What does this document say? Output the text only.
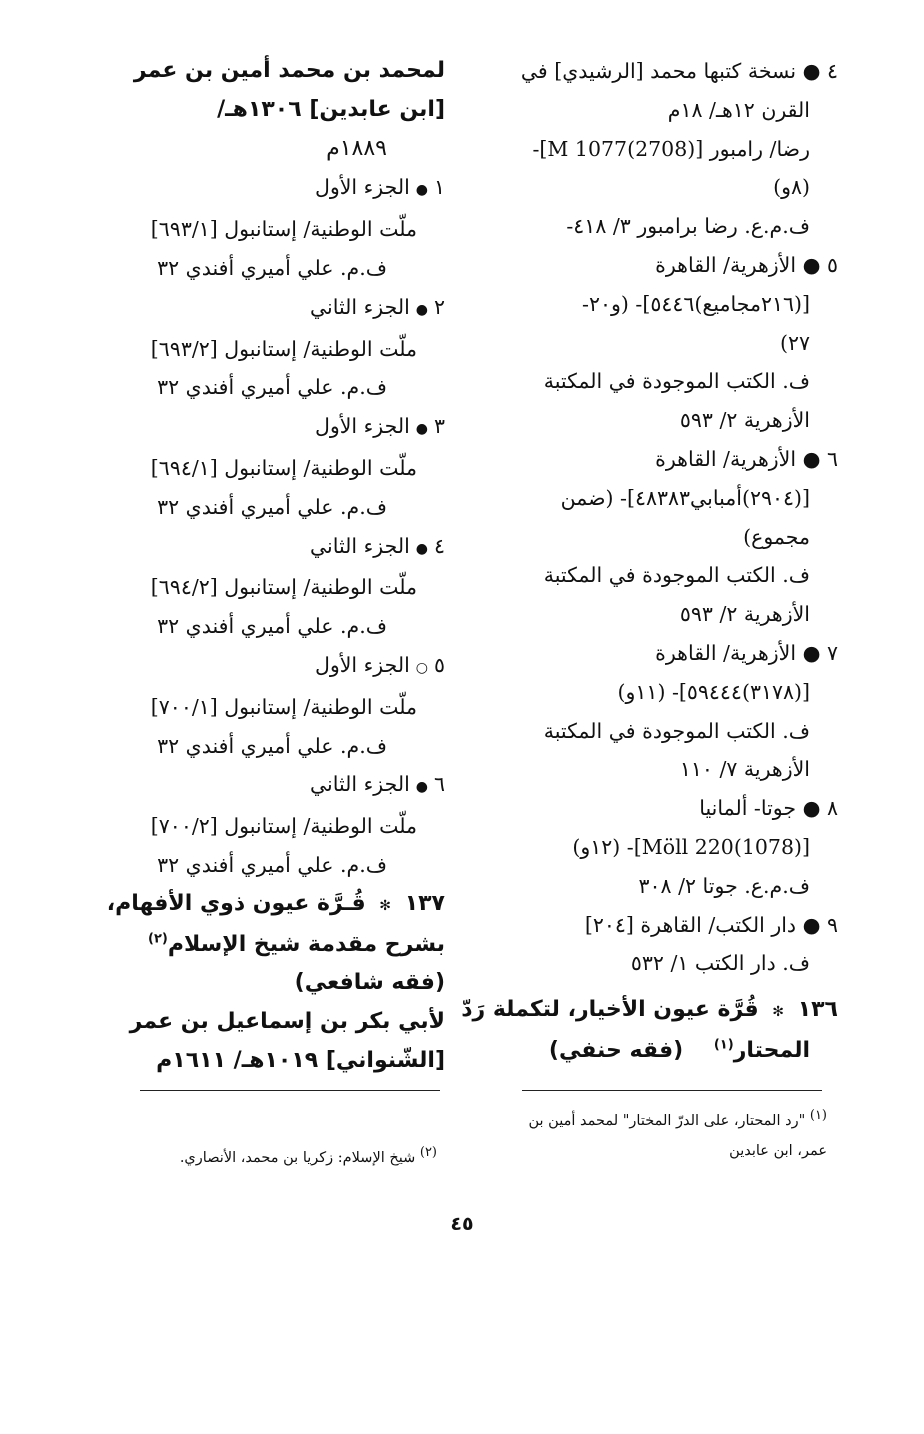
٤ ● نسخة كتبها محمد [الرشيدي] في
القرن ١٢هـ/ ١٨م
رضا/ رامبور [M 1077(2708)]-
(٨و)
ف.م.ع. رضا برامبور ٣/ ٤١٨-
٥ ● الأزهرية/ القاهرة
[(٢١٦مجاميع)٥٤٤٦]- (و٢٠-
٢٧)
ف. الكتب الموجودة في المكتبة
الأزهرية ٢/ ٥٩٣
٦ ● الأزهرية/ القاهرة
[(٢٩٠٤)أمبابي٤٨٣٨٣]- (ضمن
مجموع)
ف. الكتب الموجودة في المكتبة
الأزهرية ٢/ ٥٩٣
٧ ● الأزهرية/ القاهرة
[(٣١٧٨)٥٩٤٤٤]- (١١و)
ف. الكتب الموجودة في المكتبة
الأزهرية ٧/ ١١٠
٨ ● جوتا- ألمانيا
[Möll 220(1078)]- (١٢و)
ف.م.ع. جوتا ٢/ ٣٠٨
٩ ● دار الكتب/ القاهرة [٢٠٤]
ف. دار الكتب ١/ ٥٣٢
١٣٦ ✻ قُرَّة عيون الأخيار، لتكملة رَدّ
المحتار$^{(١)}$    (فقه حنفي)
لمحمد بن محمد أمين بن عمر
[ابن عابدين] ١٣٠٦هـ/
١٨٨٩م
١●الجزء الأول
ملّت الوطنية/ إستانبول [٦٩٣/١]
ف.م. علي أميري أفندي ٣٢
٢●الجزء الثاني
ملّت الوطنية/ إستانبول [٦٩٣/٢]
ف.م. علي أميري أفندي ٣٢
٣●الجزء الأول
ملّت الوطنية/ إستانبول [٦٩٤/١]
ف.م. علي أميري أفندي ٣٢
٤●الجزء الثاني
ملّت الوطنية/ إستانبول [٦٩٤/٢]
ف.م. علي أميري أفندي ٣٢
٥○الجزء الأول
ملّت الوطنية/ إستانبول [٧٠٠/١]
ف.م. علي أميري أفندي ٣٢
٦●الجزء الثاني
ملّت الوطنية/ إستانبول [٧٠٠/٢]
ف.م. علي أميري أفندي ٣٢
١٣٧ ✻ قُـرَّة عيون ذوي الأفهام،
بشرح مقدمة شيخ الإسلام$^{(٢)}$
(فقه شافعي)
لأبي بكر بن إسماعيل بن عمر
[الشّنواني] ١٠١٩هـ/ ١٦١١م
(١) "رد المحتار، على الدرّ المختار" لمحمد أمين بن
عمر، ابن عابدين
(٢) شيخ الإسلام: زكريا بن محمد، الأنصاري.
٤٥
